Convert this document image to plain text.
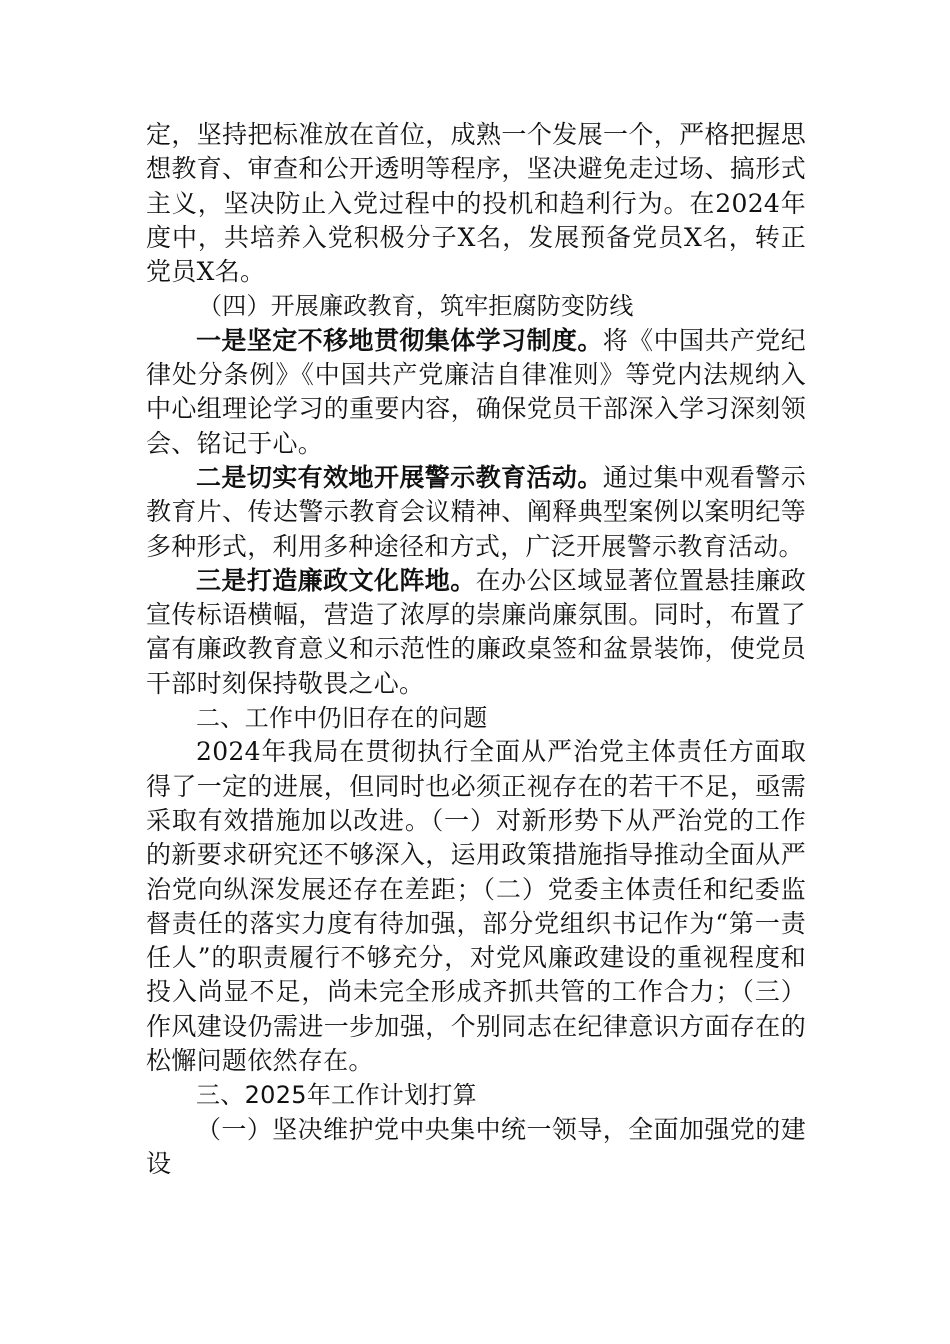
定，坚持把标准放在首位，成熟一个发展一个，严格把握思想教育、审查和公开透明等程序，坚决避免走过场、搞形式主义，坚决防止入党过程中的投机和趋利行为。在2024年度中，共培养入党积极分子X名，发展预备党员X名，转正党员X名。

（四）开展廉政教育，筑牢拒腐防变防线

一是坚定不移地贯彻集体学习制度。将《中国共产党纪律处分条例》《中国共产党廉洁自律准则》等党内法规纳入中心组理论学习的重要内容，确保党员干部深入学习深刻领会、铭记于心。

二是切实有效地开展警示教育活动。通过集中观看警示教育片、传达警示教育会议精神、阐释典型案例以案明纪等多种形式，利用多种途径和方式，广泛开展警示教育活动。

三是打造廉政文化阵地。在办公区域显著位置悬挂廉政宣传标语横幅，营造了浓厚的崇廉尚廉氛围。同时，布置了富有廉政教育意义和示范性的廉政桌签和盆景装饰，使党员干部时刻保持敬畏之心。

二、工作中仍旧存在的问题

2024年我局在贯彻执行全面从严治党主体责任方面取得了一定的进展，但同时也必须正视存在的若干不足，亟需采取有效措施加以改进。（一）对新形势下从严治党的工作的新要求研究还不够深入，运用政策措施指导推动全面从严治党向纵深发展还存在差距；（二）党委主体责任和纪委监督责任的落实力度有待加强，部分党组织书记作为“第一责任人”的职责履行不够充分，对党风廉政建设的重视程度和投入尚显不足，尚未完全形成齐抓共管的工作合力；（三）作风建设仍需进一步加强，个别同志在纪律意识方面存在的松懈问题依然存在。

三、2025年工作计划打算

（一）坚决维护党中央集中统一领导，全面加强党的建设
